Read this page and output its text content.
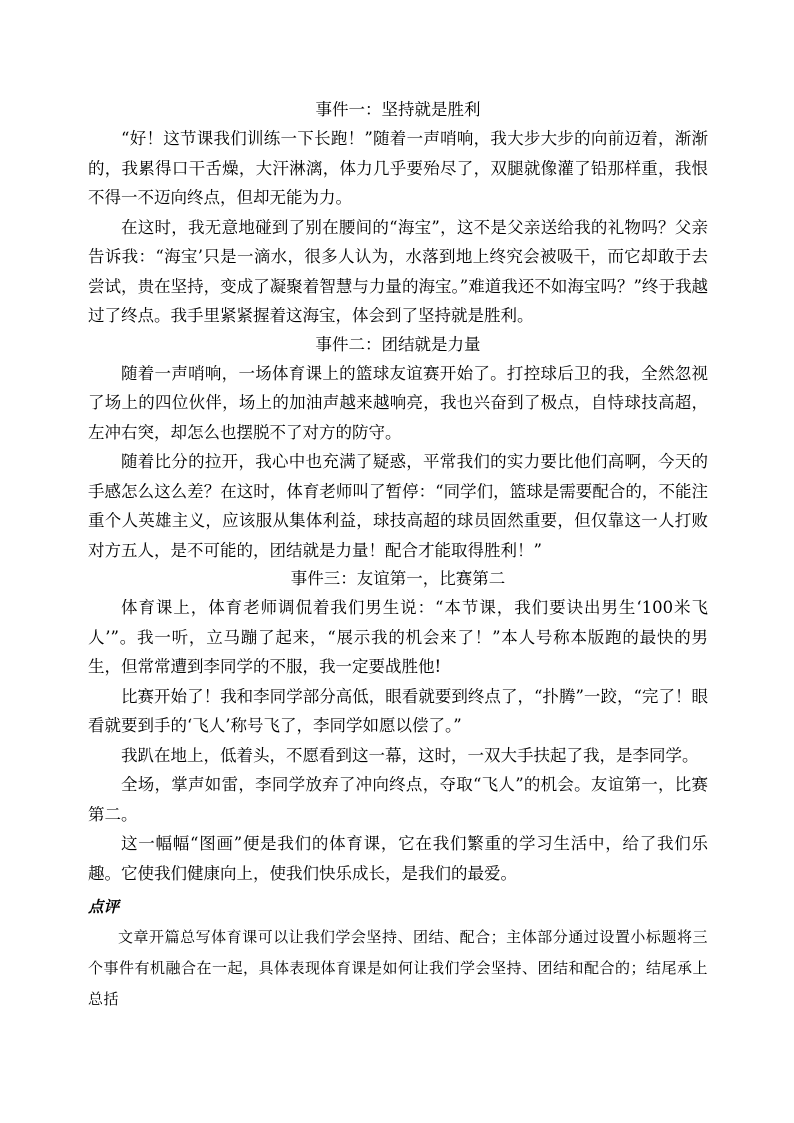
事件一：坚持就是胜利

“好！这节课我们训练一下长跑！”随着一声哨响，我大步大步的向前迈着，渐渐的，我累得口干舌燥，大汗淋漓，体力几乎要殆尽了，双腿就像灌了铅那样重，我恨不得一不迈向终点，但却无能为力。

在这时，我无意地碰到了别在腰间的“海宝”，这不是父亲送给我的礼物吗？父亲告诉我：“海宝’只是一滴水，很多人认为，水落到地上终究会被吸干，而它却敢于去尝试，贵在坚持，变成了凝聚着智慧与力量的海宝。”难道我还不如海宝吗？”终于我越过了终点。我手里紧紧握着这海宝，体会到了坚持就是胜利。

事件二：团结就是力量

随着一声哨响，一场体育课上的篮球友谊赛开始了。打控球后卫的我，全然忽视了场上的四位伙伴，场上的加油声越来越响亮，我也兴奋到了极点，自恃球技高超，左冲右突，却怎么也摆脱不了对方的防守。

随着比分的拉开，我心中也充满了疑惑，平常我们的实力要比他们高啊，今天的手感怎么这么差？在这时，体育老师叫了暂停：“同学们，篮球是需要配合的，不能注重个人英雄主义，应该服从集体利益，球技高超的球员固然重要，但仅靠这一人打败对方五人，是不可能的，团结就是力量！配合才能取得胜利！”

事件三：友谊第一，比赛第二

体育课上，体育老师调侃着我们男生说：“本节课，我们要诀出男生‘100米飞人’”。我一听，立马蹦了起来，“展示我的机会来了！”本人号称本版跑的最快的男生，但常常遭到李同学的不服，我一定要战胜他!

比赛开始了！我和李同学部分高低，眼看就要到终点了，“扑腾”一跤，“完了！眼看就要到手的‘飞人’称号飞了，李同学如愿以偿了。”

我趴在地上，低着头，不愿看到这一幕，这时，一双大手扶起了我，是李同学。

全场，掌声如雷，李同学放弃了冲向终点，夺取“飞人”的机会。友谊第一，比赛第二。

这一幅幅“图画”便是我们的体育课，它在我们繁重的学习生活中，给了我们乐趣。它使我们健康向上，使我们快乐成长，是我们的最爱。

点评

文章开篇总写体育课可以让我们学会坚持、团结、配合；主体部分通过设置小标题将三个事件有机融合在一起，具体表现体育课是如何让我们学会坚持、团结和配合的；结尾承上总括
